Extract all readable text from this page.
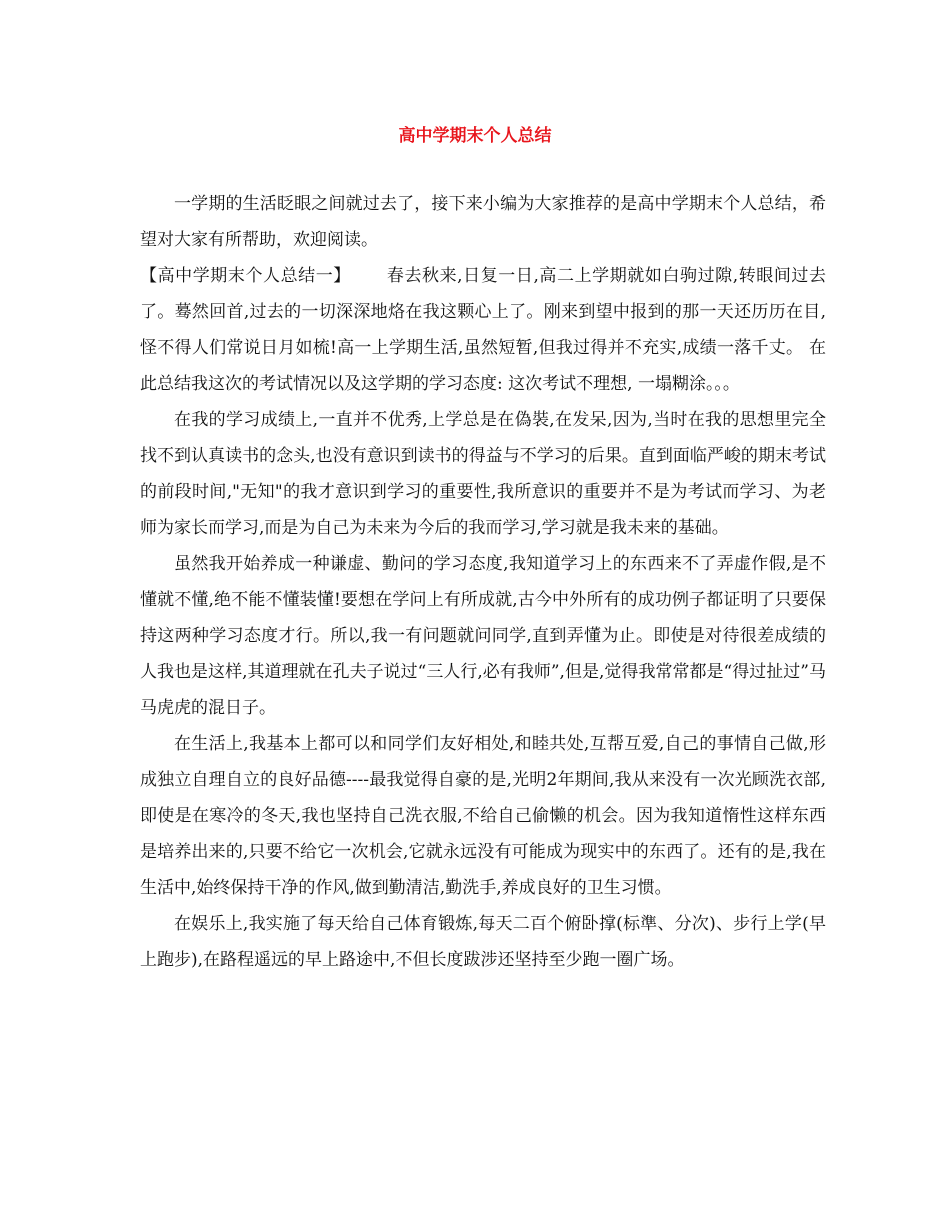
高中学期末个人总结

一学期的生活眨眼之间就过去了，接下来小编为大家推荐的是高中学期末个人总结，希望对大家有所帮助，欢迎阅读。

【高中学期末个人总结一】 春去秋来,日复一日,高二上学期就如白驹过隙,转眼间过去了。蓦然回首,过去的一切深深地烙在我这颗心上了。刚来到望中报到的那一天还历历在目,怪不得人们常说日月如梳!高一上学期生活,虽然短暂,但我过得并不充实,成绩一落千丈。 在此总结我这次的考试情况以及这学期的学习态度: 这次考试不理想, 一塌糊涂。。。

在我的学习成绩上,一直并不优秀,上学总是在偽裝,在发呆,因为,当时在我的思想里完全找不到认真读书的念头,也没有意识到读书的得益与不学习的后果。直到面临严峻的期末考试的前段时间,"无知"的我才意识到学习的重要性,我所意识的重要并不是为考试而学习、为老师为家长而学习,而是为自己为未来为今后的我而学习,学习就是我未来的基础。

虽然我开始养成一种谦虚、勤问的学习态度,我知道学习上的东西来不了弄虚作假,是不懂就不懂,绝不能不懂装懂!要想在学问上有所成就,古今中外所有的成功例子都证明了只要保持这两种学习态度才行。所以,我一有问题就问同学,直到弄懂为止。即使是对待很差成绩的人我也是这样,其道理就在孔夫子说过“三人行,必有我师”,但是,觉得我常常都是“得过扯过”马马虎虎的混日子。

在生活上,我基本上都可以和同学们友好相处,和睦共处,互帮互爱,自己的事情自己做,形成独立自理自立的良好品德----最我觉得自豪的是,光明2年期间,我从来没有一次光顾洗衣部,即使是在寒冷的冬天,我也坚持自己洗衣服,不给自己偷懒的机会。因为我知道惰性这样东西是培养出来的,只要不给它一次机会,它就永远没有可能成为现实中的东西了。还有的是,我在生活中,始终保持干净的作风,做到勤清洁,勤洗手,养成良好的卫生习惯。

在娱乐上,我实施了每天给自己体育锻炼,每天二百个俯卧撑(标準、分次)、步行上学(早上跑步),在路程遥远的早上路途中,不但长度跋涉还坚持至少跑一圈广场。
